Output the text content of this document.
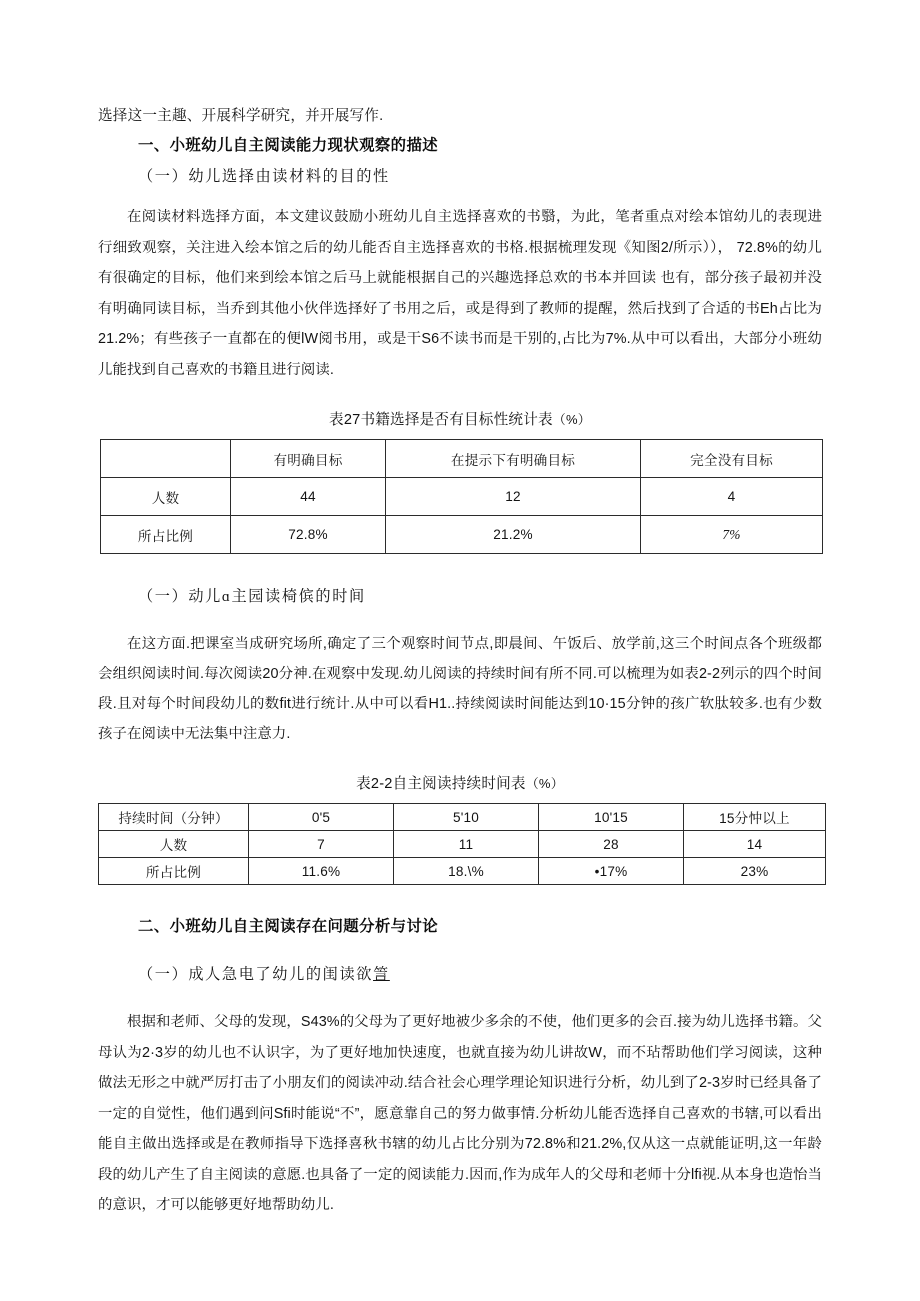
选择这一主趣、开展科学研究，并开展写作.
一、小班幼儿自主阅读能力现状观察的描述
（一）幼儿选择由读材料的目的性

在阅读材料选择方面，本文建议鼓励小班幼儿自主选择喜欢的书翳，为此，笔者重点对绘本馆幼儿的表现进行细致观察，关注进入绘本馆之后的幼儿能否自主选择喜欢的书格.根据梳理发现《知图2/所示））， 72.8%的幼儿有很确定的目标，他们来到绘本馆之后马上就能根据自己的兴趣选择总欢的书本并回读 也有，部分孩子最初并没有明确同读目标，当乔到其他小伙伴选择好了书用之后，或是得到了教师的提醒，然后找到了合适的书Eh占比为21.2%；有些孩子一直都在的便lW阅书用，或是干S6不读书而是干别的,占比为7%.从中可以看出，大部分小班幼儿能找到自己喜欢的书籍且进行阅读.

表27书籍选择是否有目标性统计表（%）
	有明确目标	在提示下有明确目标	完全没有目标
人数	44	12	4
所占比例	72.8%	21.2%	7%
（一）动儿ɑ主园读椅傧的时间

在这方面.把课室当成研究场所,确定了三个观察时间节点,即晨间、午饭后、放学前,这三个时间点各个班级都会组织阅读时间.每次阅读20分神.在观察中发现.幼儿阅读的持续时间有所不同.可以梳理为如表2-2列示的四个时间段.且对每个时间段幼儿的数fit进行统计.从中可以看H1..持续阅读时间能达到10·15分钟的孩广软肽较多.也有少数孩子在阅读中无法集中注意力.

表2-2自主阅读持续时间表（%）
持续时间（分钟）	0'5	5'10	10'15	15分忡以上
人数	7	11	28	14
所占比例	11.6%	18.\%	•17%	23%
二、小班幼儿自主阅读存在问题分析与讨论
（一）成人急电了幼儿的闺读欲䇾

根据和老师、父母的发现，S43%的父母为了更好地被少多余的不使，他们更多的会百.接为幼儿选择书籍。父母认为2·3岁的幼儿也不认识字，为了更好地加快速度，也就直接为幼儿讲故W，而不玷帮助他们学习阅读，这种做法无形之中就严厉打击了小朋友们的阅读冲动.结合社会心理学理论知识进行分析，幼儿到了2-3岁时已经具备了一定的自觉性，他们遇到问Sfi时能说“不”，愿意靠自己的努力做事情.分析幼儿能否选择自己喜欢的书辖,可以看出能自主做出选择或是在教师指导下选择喜秋书辖的幼儿占比分别为72.8%和21.2%,仅从这一点就能证明,这一年龄段的幼儿产生了自主阅读的意愿.也具备了一定的阅读能力.因而,作为成年人的父母和老师十分lfi视.从本身也造怡当的意识，才可以能够更好地帮助幼儿.
